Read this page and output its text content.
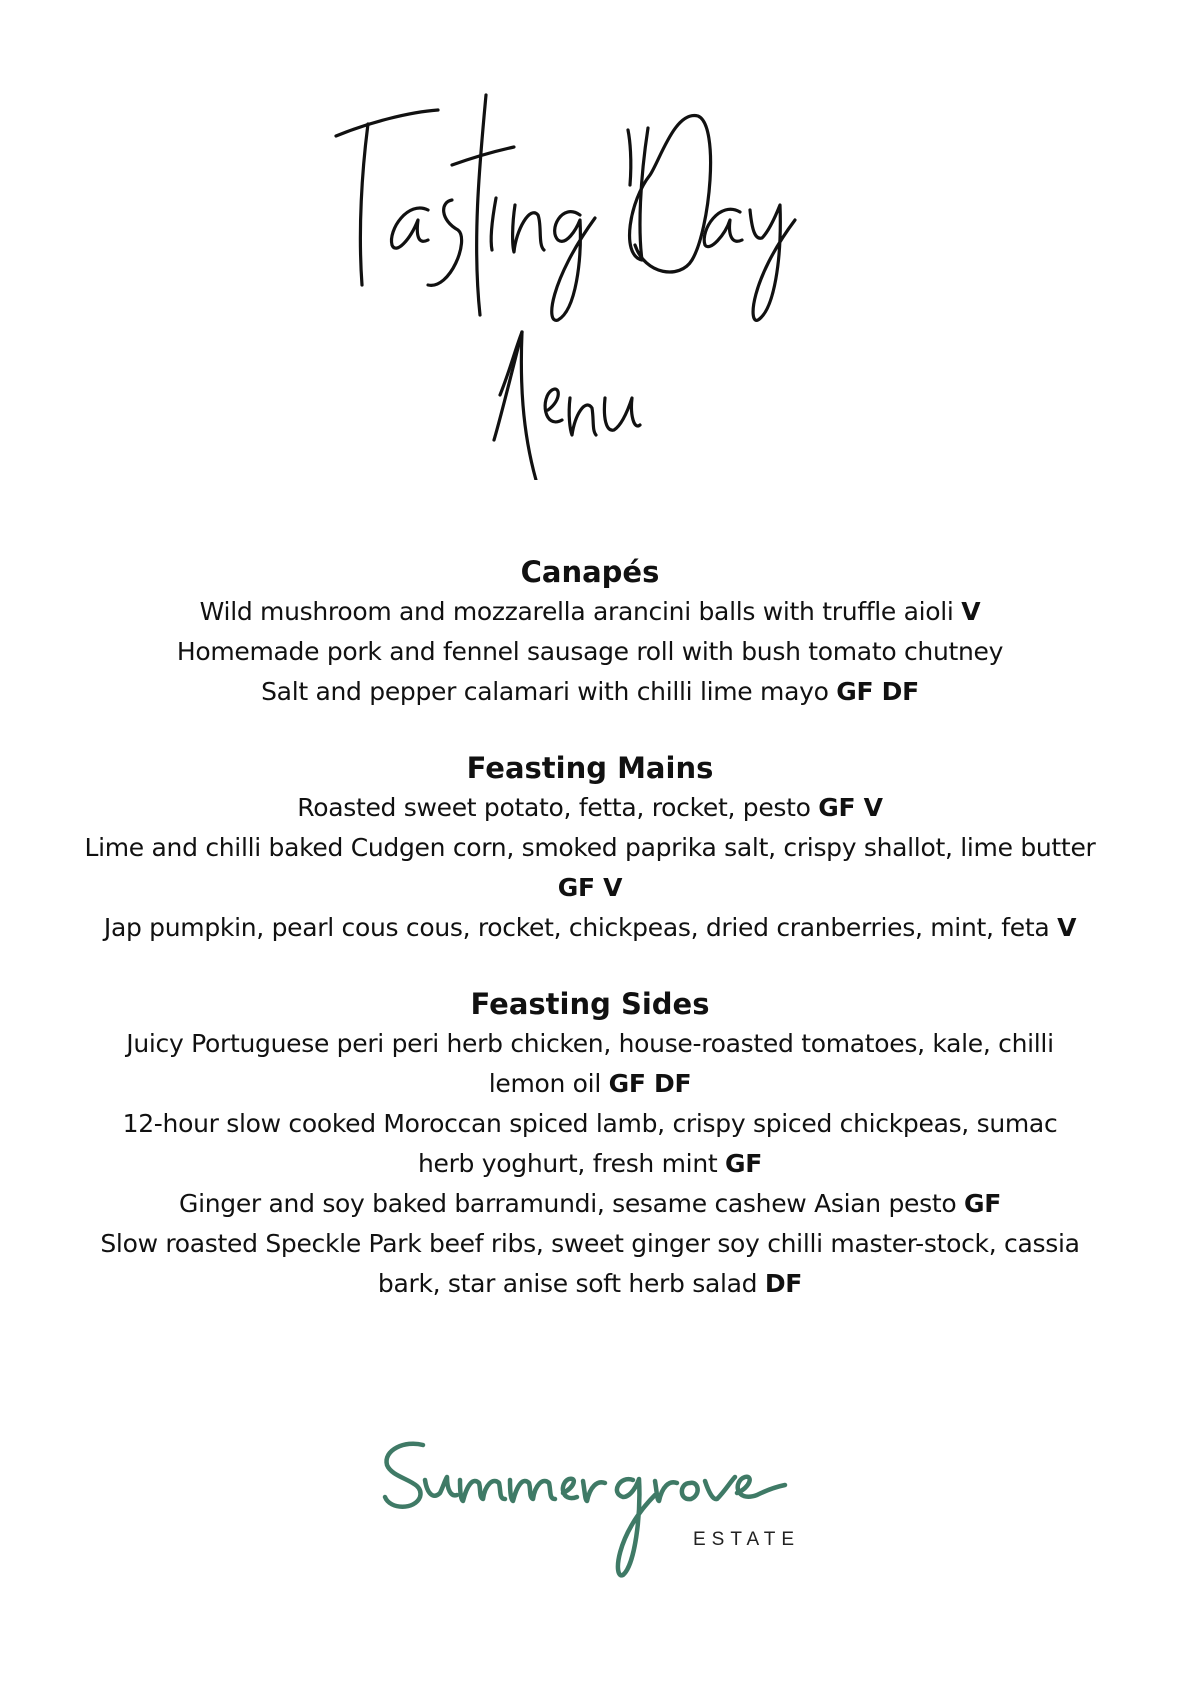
Canapés
Wild mushroom and mozzarella arancini balls with truffle aioli V
Homemade pork and fennel sausage roll with bush tomato chutney
Salt and pepper calamari with chilli lime mayo GF DF
Feasting Mains
Roasted sweet potato, fetta, rocket, pesto GF V
Lime and chilli baked Cudgen corn, smoked paprika salt, crispy shallot, lime butter GF V
Jap pumpkin, pearl cous cous, rocket, chickpeas, dried cranberries, mint, feta V
Feasting Sides
Juicy Portuguese peri peri herb chicken, house-roasted tomatoes, kale, chilli lemon oil GF DF
12-hour slow cooked Moroccan spiced lamb, crispy spiced chickpeas, sumac herb yoghurt, fresh mint GF
Ginger and soy baked barramundi, sesame cashew Asian pesto GF
Slow roasted Speckle Park beef ribs, sweet ginger soy chilli master-stock, cassia bark, star anise soft herb salad DF
ESTATE
